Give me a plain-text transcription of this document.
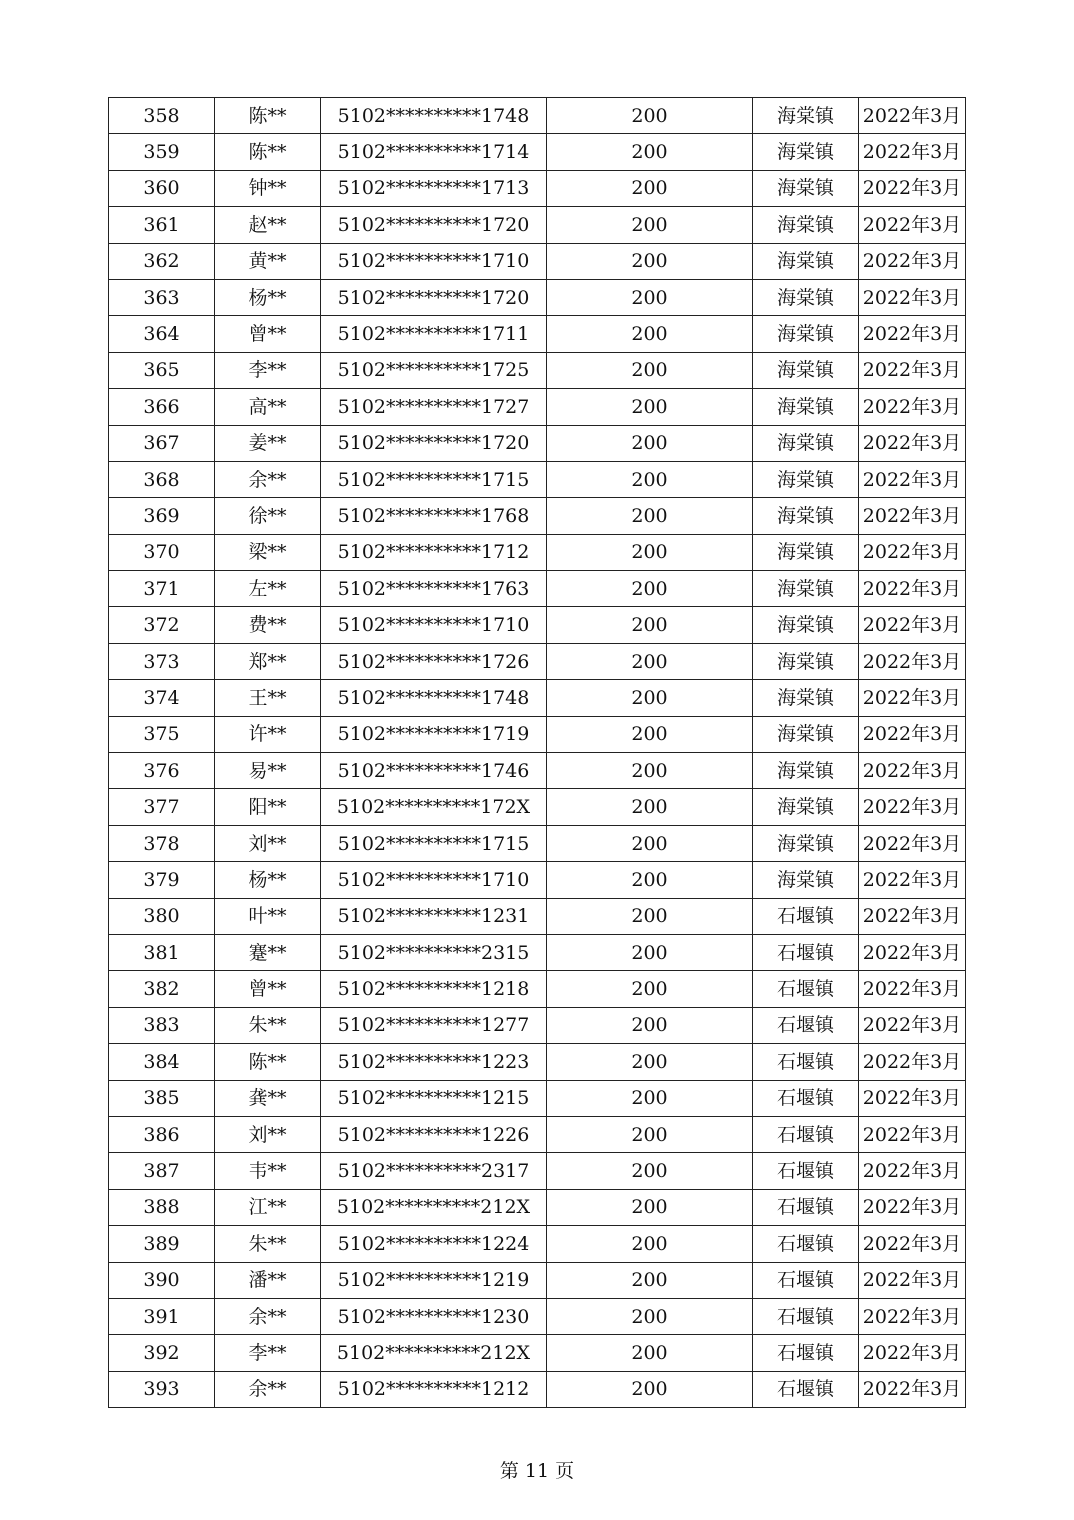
358	陈**	5102**********1748	200	海棠镇	2022年3月
359	陈**	5102**********1714	200	海棠镇	2022年3月
360	钟**	5102**********1713	200	海棠镇	2022年3月
361	赵**	5102**********1720	200	海棠镇	2022年3月
362	黄**	5102**********1710	200	海棠镇	2022年3月
363	杨**	5102**********1720	200	海棠镇	2022年3月
364	曾**	5102**********1711	200	海棠镇	2022年3月
365	李**	5102**********1725	200	海棠镇	2022年3月
366	高**	5102**********1727	200	海棠镇	2022年3月
367	姜**	5102**********1720	200	海棠镇	2022年3月
368	余**	5102**********1715	200	海棠镇	2022年3月
369	徐**	5102**********1768	200	海棠镇	2022年3月
370	梁**	5102**********1712	200	海棠镇	2022年3月
371	左**	5102**********1763	200	海棠镇	2022年3月
372	费**	5102**********1710	200	海棠镇	2022年3月
373	郑**	5102**********1726	200	海棠镇	2022年3月
374	王**	5102**********1748	200	海棠镇	2022年3月
375	许**	5102**********1719	200	海棠镇	2022年3月
376	易**	5102**********1746	200	海棠镇	2022年3月
377	阳**	5102**********172X	200	海棠镇	2022年3月
378	刘**	5102**********1715	200	海棠镇	2022年3月
379	杨**	5102**********1710	200	海棠镇	2022年3月
380	叶**	5102**********1231	200	石堰镇	2022年3月
381	蹇**	5102**********2315	200	石堰镇	2022年3月
382	曾**	5102**********1218	200	石堰镇	2022年3月
383	朱**	5102**********1277	200	石堰镇	2022年3月
384	陈**	5102**********1223	200	石堰镇	2022年3月
385	龚**	5102**********1215	200	石堰镇	2022年3月
386	刘**	5102**********1226	200	石堰镇	2022年3月
387	韦**	5102**********2317	200	石堰镇	2022年3月
388	江**	5102**********212X	200	石堰镇	2022年3月
389	朱**	5102**********1224	200	石堰镇	2022年3月
390	潘**	5102**********1219	200	石堰镇	2022年3月
391	余**	5102**********1230	200	石堰镇	2022年3月
392	李**	5102**********212X	200	石堰镇	2022年3月
393	余**	5102**********1212	200	石堰镇	2022年3月
第 11 页
